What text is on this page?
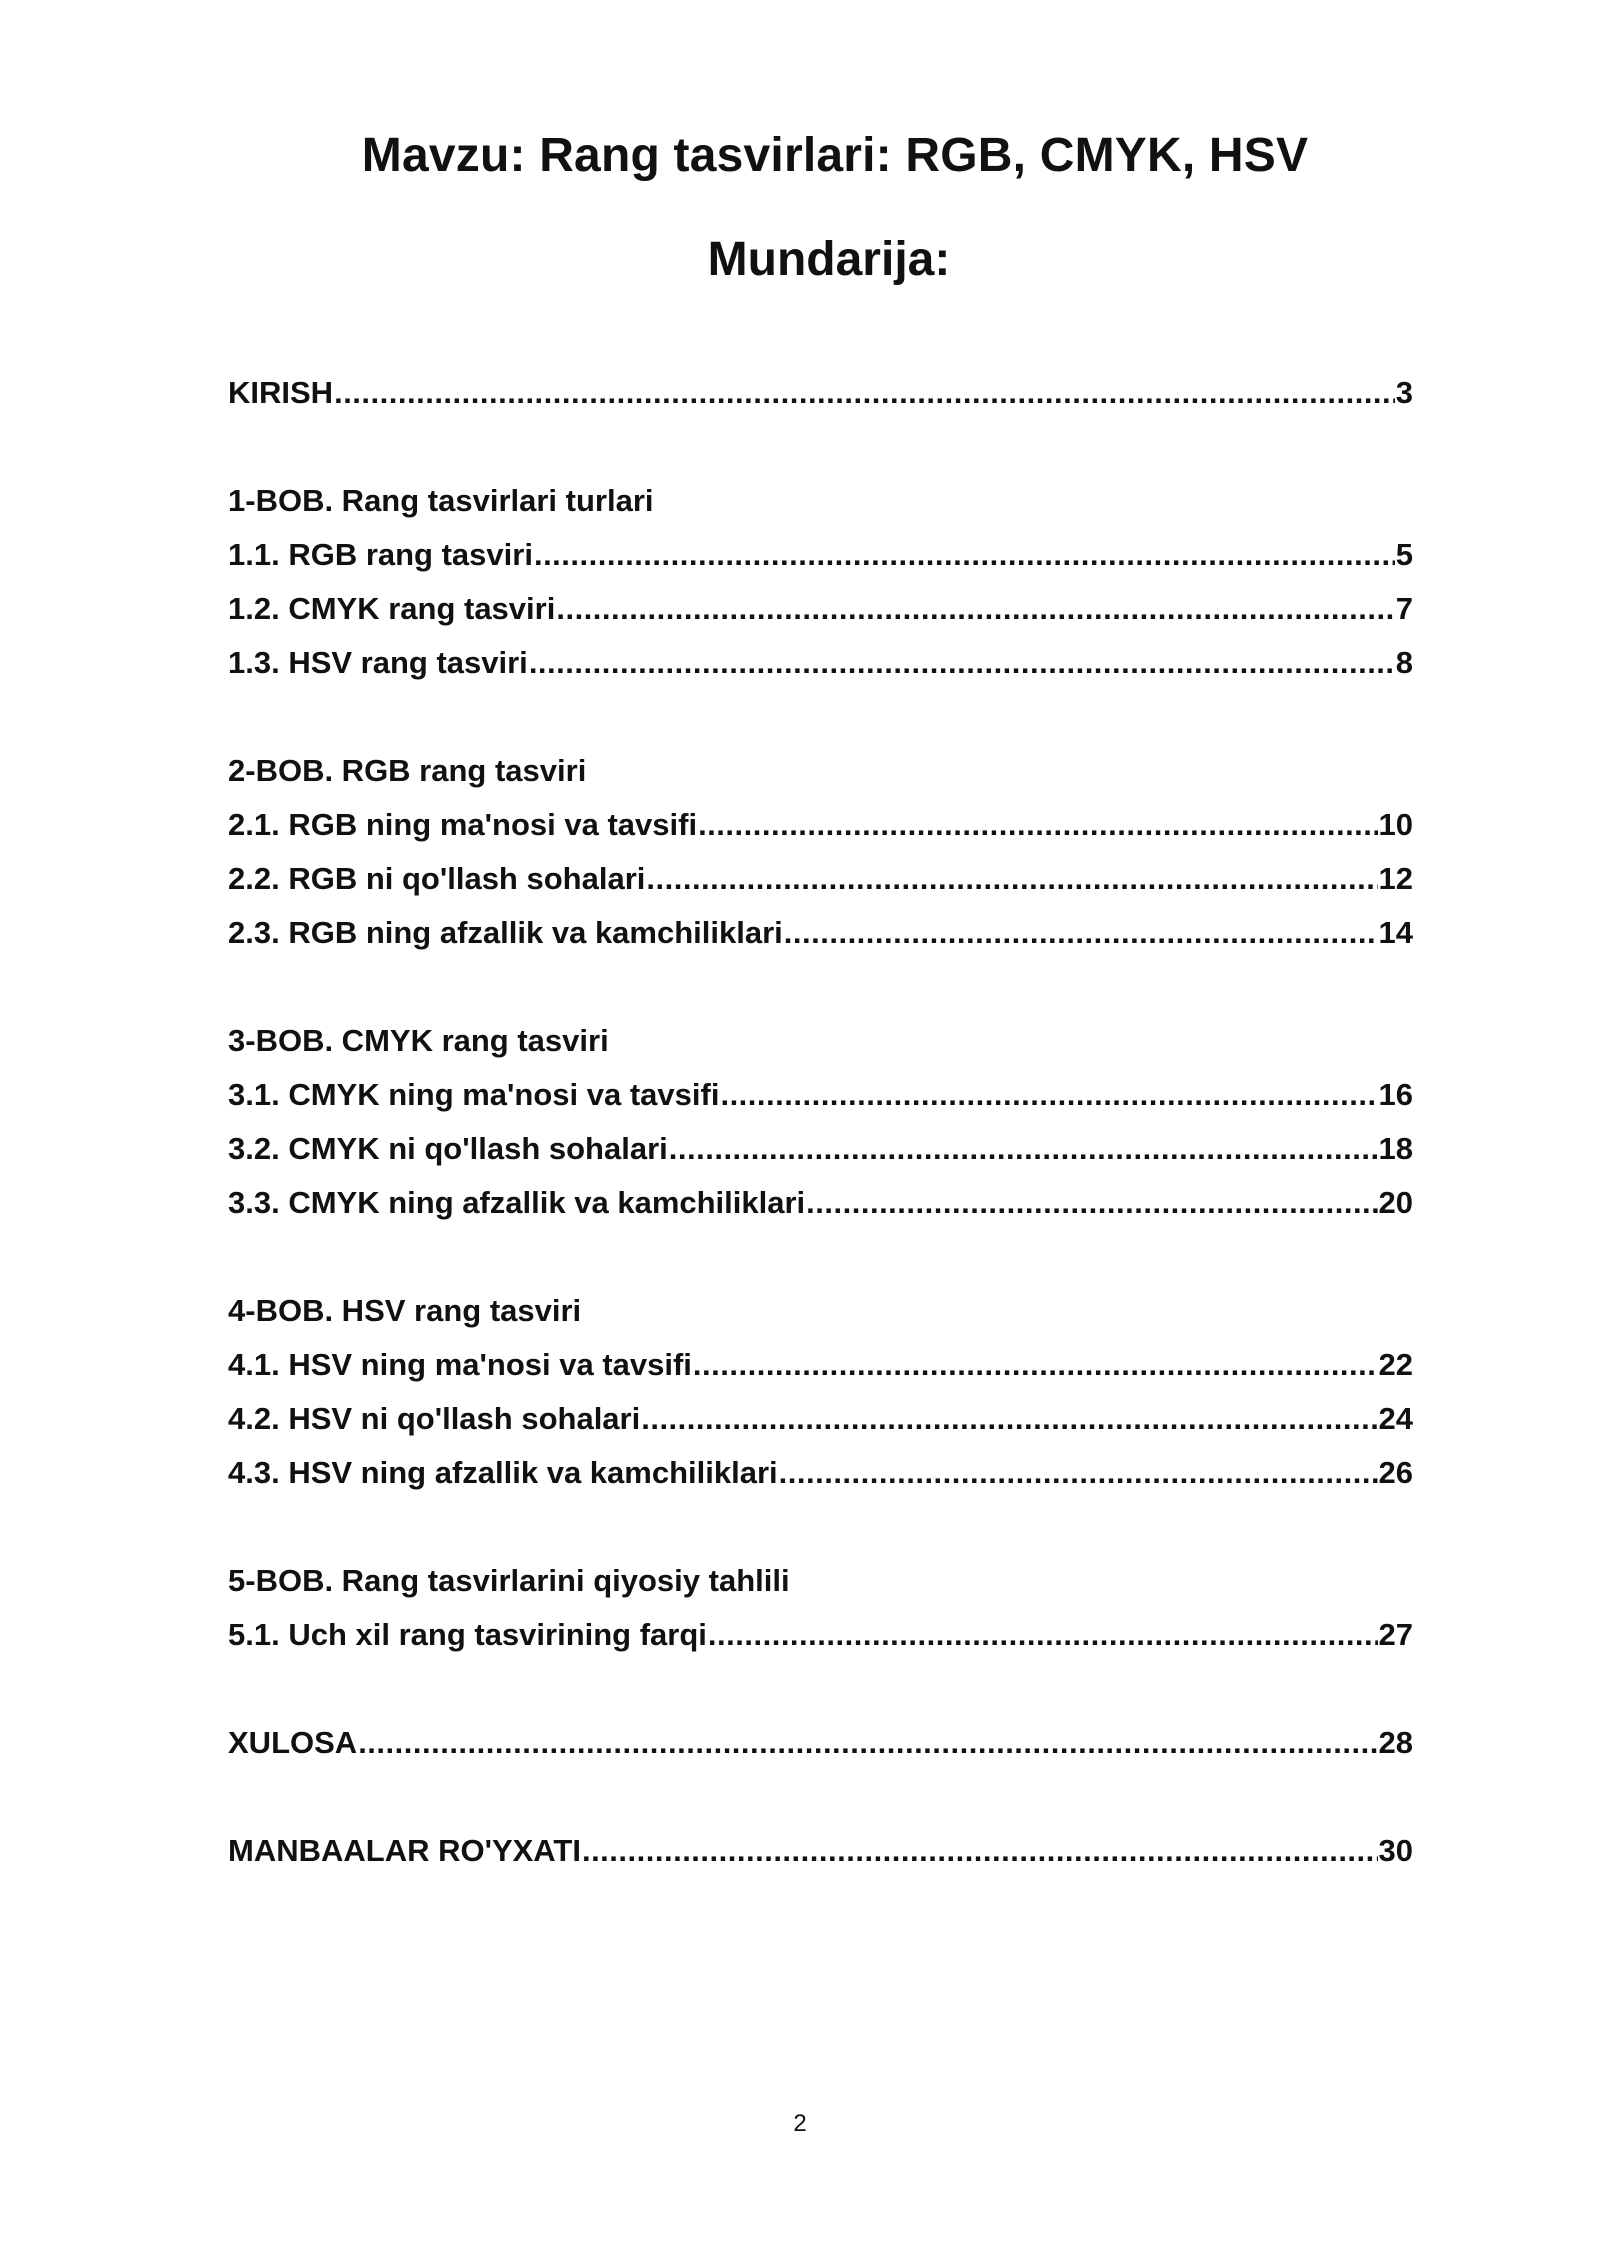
Mavzu: Rang tasvirlari: RGB, CMYK, HSV
Mundarija:
KIRISH .....	3
1-BOB. Rang tasvirlari turlari
1.1. RGB rang tasviri .....	5
1.2. CMYK rang tasviri .....	7
1.3. HSV rang tasviri .....	8
2-BOB. RGB rang tasviri
2.1. RGB ning ma'nosi va tavsifi .....	10
2.2. RGB ni qo'llash sohalari .....	12
2.3. RGB ning afzallik va kamchiliklari .....	14
3-BOB. CMYK rang tasviri
3.1. CMYK ning ma'nosi va tavsifi .....	16
3.2. CMYK ni qo'llash sohalari .....	18
3.3. CMYK ning afzallik va kamchiliklari .....	20
4-BOB. HSV rang tasviri
4.1. HSV ning ma'nosi va tavsifi .....	22
4.2. HSV ni qo'llash sohalari .....	24
4.3. HSV ning afzallik va kamchiliklari .....	26
5-BOB. Rang tasvirlarini qiyosiy tahlili
5.1. Uch xil rang tasvirining farqi .....	27
XULOSA .....	28
MANBAALAR RO'YXATI .....	30
2
